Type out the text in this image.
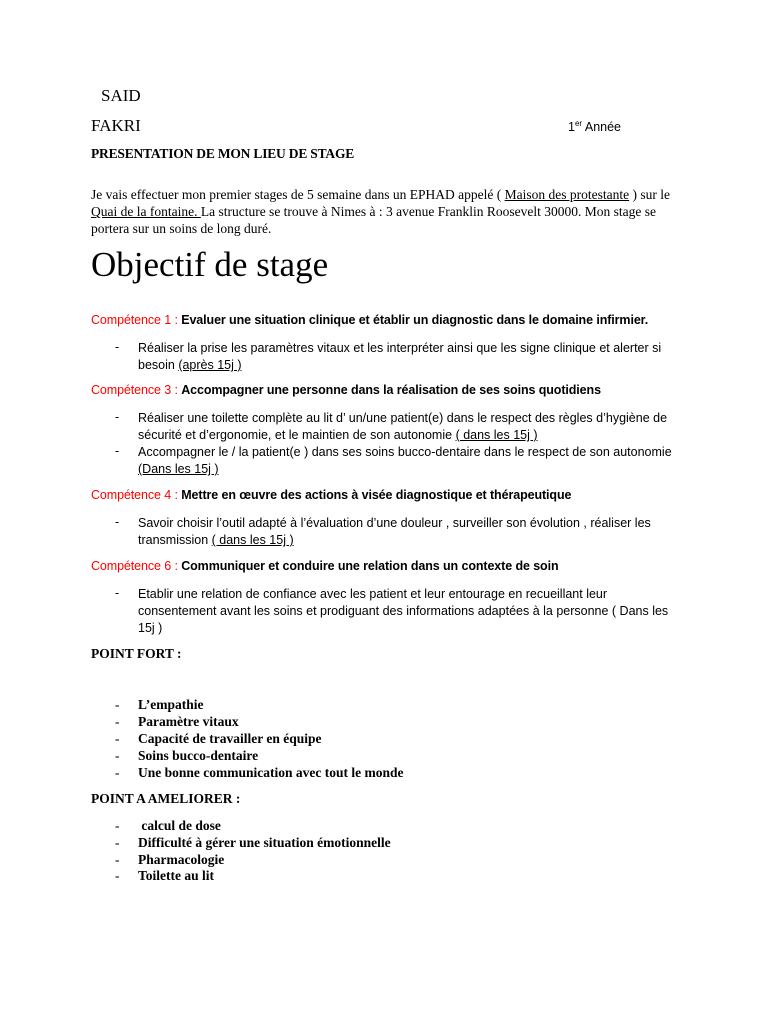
SAID
FAKRI	1er Année
PRESENTATION DE MON LIEU DE STAGE
Je vais effectuer mon premier stages de 5 semaine dans un EPHAD appelé ( Maison des protestante ) sur le Quai de la fontaine. La structure se trouve à Nimes à : 3 avenue Franklin Roosevelt 30000. Mon stage se portera sur un soins de long duré.
Objectif de stage
Compétence 1 : Evaluer une situation clinique et établir un diagnostic dans le domaine infirmier.
- Réaliser la prise les paramètres vitaux et les interpréter ainsi que les signe clinique et alerter si besoin (après 15j )
Compétence 3 : Accompagner une personne dans la réalisation de ses soins quotidiens
- Réaliser une toilette complète au lit d’ un/une patient(e) dans le respect des règles d’hygiène de sécurité et d’ergonomie, et le maintien de son autonomie ( dans les 15j )
- Accompagner le / la patient(e ) dans ses soins bucco-dentaire dans le respect de son autonomie (Dans les 15j )
Compétence 4 : Mettre en œuvre des actions à visée diagnostique et thérapeutique
- Savoir choisir l’outil adapté à l’évaluation d’une douleur , surveiller son évolution , réaliser les transmission ( dans les 15j )
Compétence 6 : Communiquer et conduire une relation dans un contexte de soin
- Etablir une relation de confiance avec les patient et leur entourage en recueillant leur consentement avant les soins et prodiguant des informations adaptées à la personne ( Dans les 15j )
POINT FORT :
- L’empathie
- Paramètre vitaux
- Capacité de travailler en équipe
- Soins bucco-dentaire
- Une bonne communication avec tout le monde
POINT A AMELIORER :
- calcul de dose
- Difficulté à gérer une situation émotionnelle
- Pharmacologie
- Toilette au lit
